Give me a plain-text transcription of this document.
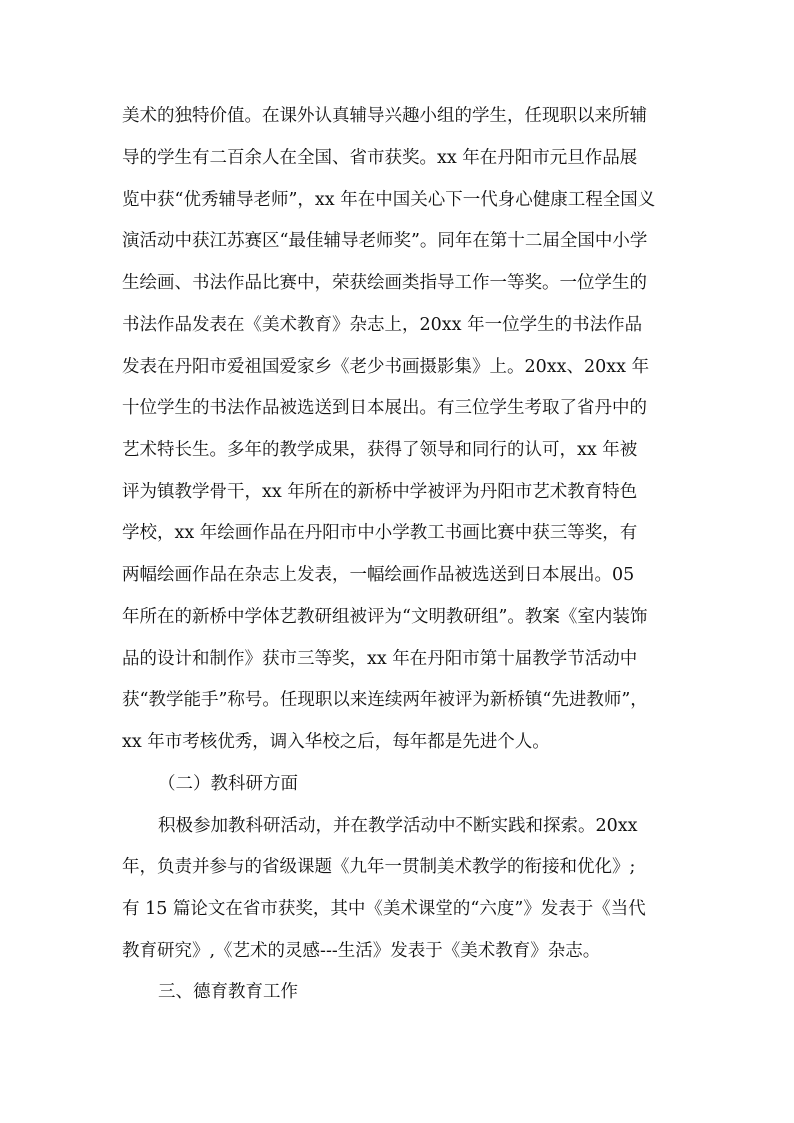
美术的独特价值。在课外认真辅导兴趣小组的学生，任现职以来所辅
导的学生有二百余人在全国、省市获奖。xx 年在丹阳市元旦作品展
览中获“优秀辅导老师”，xx 年在中国关心下一代身心健康工程全国义
演活动中获江苏赛区“最佳辅导老师奖”。同年在第十二届全国中小学
生绘画、书法作品比赛中，荣获绘画类指导工作一等奖。一位学生的
书法作品发表在《美术教育》杂志上，20xx 年一位学生的书法作品
发表在丹阳市爱祖国爱家乡《老少书画摄影集》上。20xx、20xx 年
十位学生的书法作品被选送到日本展出。有三位学生考取了省丹中的
艺术特长生。多年的教学成果，获得了领导和同行的认可，xx 年被
评为镇教学骨干，xx 年所在的新桥中学被评为丹阳市艺术教育特色
学校，xx 年绘画作品在丹阳市中小学教工书画比赛中获三等奖，有
两幅绘画作品在杂志上发表，一幅绘画作品被选送到日本展出。05
年所在的新桥中学体艺教研组被评为“文明教研组”。教案《室内装饰
品的设计和制作》获市三等奖，xx 年在丹阳市第十届教学节活动中
获“教学能手”称号。任现职以来连续两年被评为新桥镇“先进教师”，
xx 年市考核优秀，调入华校之后，每年都是先进个人。
（二）教科研方面
积极参加教科研活动，并在教学活动中不断实践和探索。20xx
年，负责并参与的省级课题《九年一贯制美术教学的衔接和优化》;
有 15 篇论文在省市获奖，其中《美术课堂的“六度”》发表于《当代
教育研究》,《艺术的灵感---生活》发表于《美术教育》杂志。
三、德育教育工作
